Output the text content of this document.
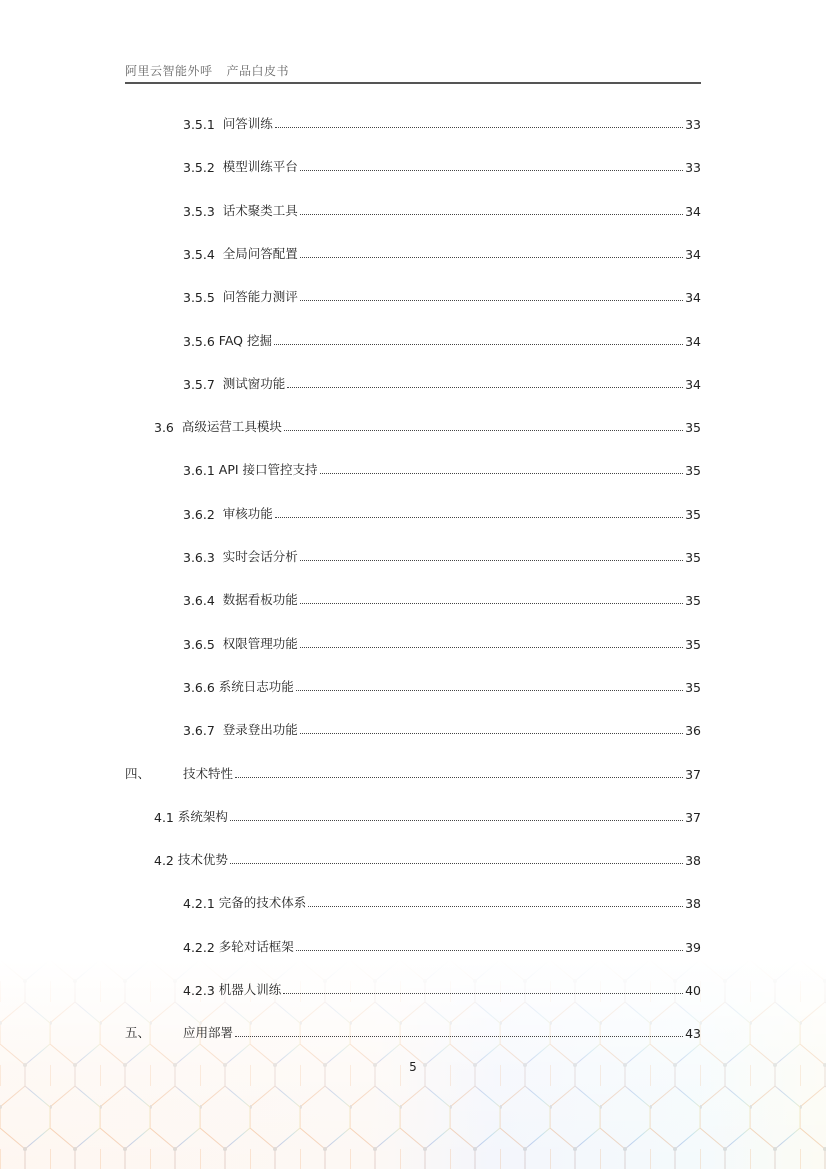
阿里云智能外呼 产品白皮书
3.5.1 问答训练	33
3.5.2 模型训练平台	33
3.5.3 话术聚类工具	34
3.5.4 全局问答配置	34
3.5.5 问答能力测评	34
3.5.6 FAQ 挖掘	34
3.5.7 测试窗功能	34
3.6 高级运营工具模块	35
3.6.1 API 接口管控支持	35
3.6.2 审核功能	35
3.6.3 实时会话分析	35
3.6.4 数据看板功能	35
3.6.5 权限管理功能	35
3.6.6 系统日志功能	35
3.6.7 登录登出功能	36
四、	技术特性	37
4.1 系统架构	37
4.2 技术优势	38
4.2.1 完备的技术体系	38
4.2.2 多轮对话框架	39
4.2.3 机器人训练	40
五、	应用部署	43
5
